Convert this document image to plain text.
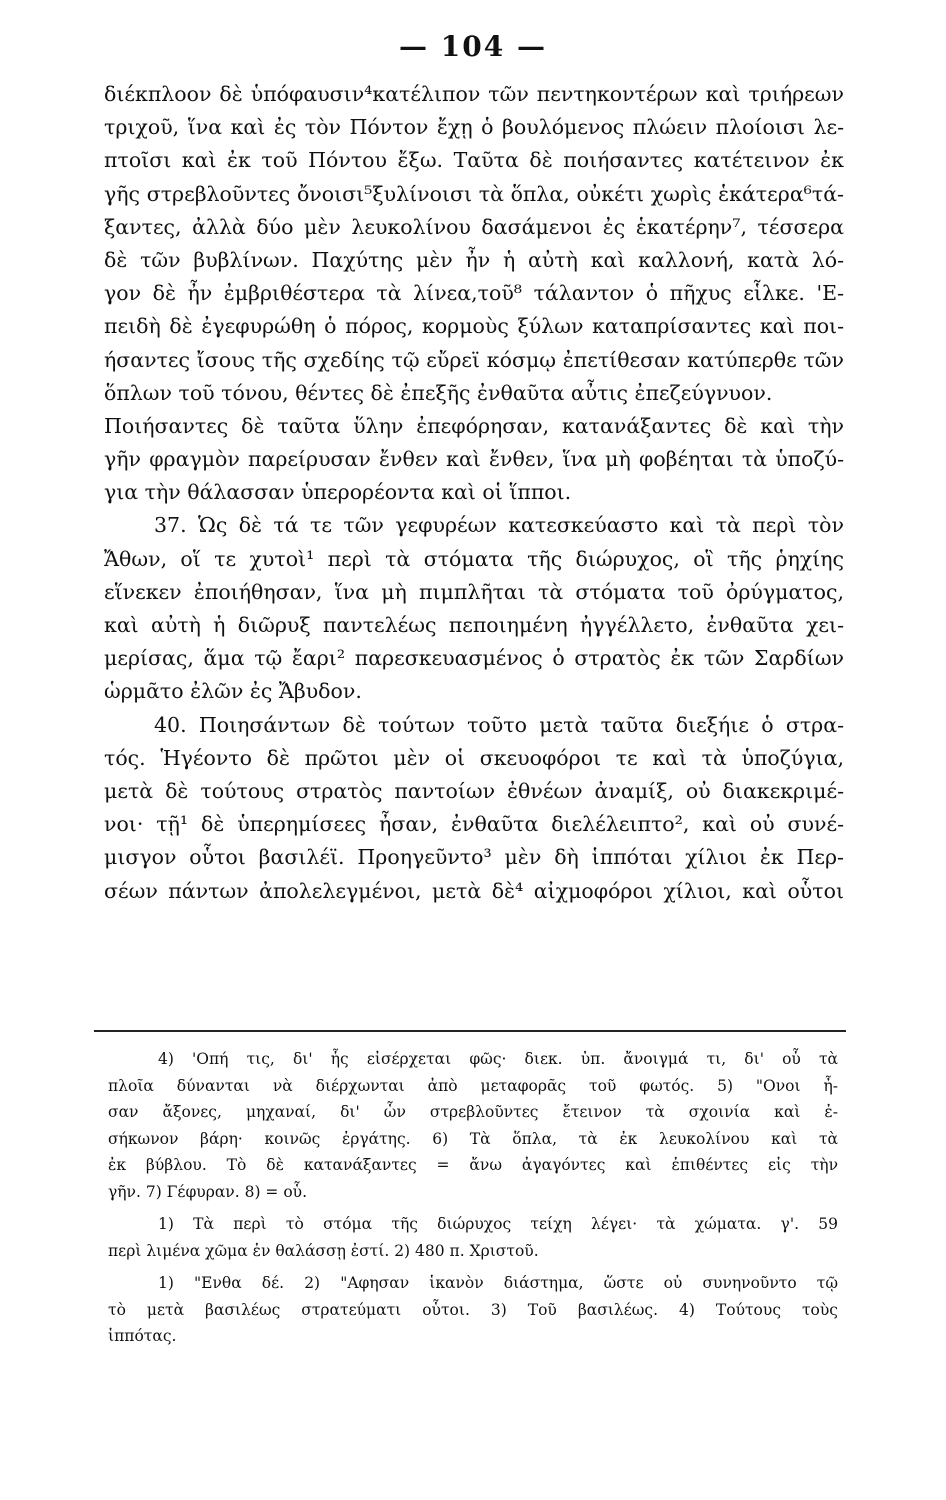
— 104 —
διέκπλοον δὲ ὑπόφαυσιν⁴κατέλιπον τῶν πεντηκοντέρων καὶ τριήρεων
τριχοῦ, ἵνα καὶ ἐς τὸν Πόντον ἔχῃ ὁ βουλόμενος πλώειν πλοίοισι λε-
πτοῖσι καὶ ἐκ τοῦ Πόντου ἔξω. Ταῦτα δὲ ποιήσαντες κατέτεινον ἐκ
γῆς στρεβλοῦντες ὄνοισι⁵ξυλίνοισι τὰ ὅπλα, οὐκέτι χωρὶς ἑκάτερα⁶τά-
ξαντες, ἀλλὰ δύο μὲν λευκολίνου δασάμενοι ἐς ἑκατέρην⁷, τέσσερα
δὲ τῶν βυβλίνων. Παχύτης μὲν ἦν ἡ αὐτὴ καὶ καλλονή, κατὰ λό-
γον δὲ ἦν ἐμβριθέστερα τὰ λίνεα,τοῦ⁸ τάλαντον ὁ πῆχυς εἷλκε. 'Ε-
πειδὴ δὲ ἐγεφυρώθη ὁ πόρος, κορμοὺς ξύλων καταπρίσαντες καὶ ποι-
ήσαντες ἴσους τῆς σχεδίης τῷ εὔρεϊ κόσμῳ ἐπετίθεσαν κατύπερθε τῶν
ὅπλων τοῦ τόνου, θέντες δὲ ἐπεξῆς ἐνθαῦτα αὖτις ἐπεζεύγνυον.
Ποιήσαντες δὲ ταῦτα ὕλην ἐπεφόρησαν, κατανάξαντες δὲ καὶ τὴν
γῆν φραγμὸν παρείρυσαν ἔνθεν καὶ ἔνθεν, ἵνα μὴ φοβέηται τὰ ὑποζύ-
για τὴν θάλασσαν ὑπερορέοντα καὶ οἱ ἵπποι.
37. Ὡς δὲ τά τε τῶν γεφυρέων κατεσκεύαστο καὶ τὰ περὶ τὸν
Ἄθων, οἵ τε χυτοὶ¹ περὶ τὰ στόματα τῆς διώρυχος, οἳ τῆς ῥηχίης
εἵνεκεν ἐποιήθησαν, ἵνα μὴ πιμπλῆται τὰ στόματα τοῦ ὀρύγματος,
καὶ αὐτὴ ἡ διῶρυξ παντελέως πεποιημένη ἠγγέλλετο, ἐνθαῦτα χει-
μερίσας, ἅμα τῷ ἔαρι² παρεσκευασμένος ὁ στρατὸς ἐκ τῶν Σαρδίων
ὡρμᾶτο ἐλῶν ἐς Ἄβυδον.
40. Ποιησάντων δὲ τούτων τοῦτο μετὰ ταῦτα διεξήιε ὁ στρα-
τός. Ἡγέοντο δὲ πρῶτοι μὲν οἱ σκευοφόροι τε καὶ τὰ ὑποζύγια,
μετὰ δὲ τούτους στρατὸς παντοίων ἐθνέων ἀναμίξ, οὐ διακεκριμέ-
νοι· τῇ¹ δὲ ὑπερημίσεες ἦσαν, ἐνθαῦτα διελέλειπτο², καὶ οὐ συνέ-
μισγον οὗτοι βασιλέϊ. Προηγεῦντο³ μὲν δὴ ἱππόται χίλιοι ἐκ Περ-
σέων πάντων ἀπολελεγμένοι, μετὰ δὲ⁴ αἰχμοφόροι χίλιοι, καὶ οὗτοι
4) 'Οπή τις, δι' ἧς εἰσέρχεται φῶς· διεκ. ὑπ. ἄνοιγμά τι, δι' οὗ τὰ
πλοῖα δύνανται νὰ διέρχωνται ἀπὸ μεταφορᾶς τοῦ φωτός. 5) "Ονοι ἦ-
σαν ἄξονες, μηχαναί, δι' ὧν στρεβλοῦντες ἔτεινον τὰ σχοινία καὶ ἐ-
σήκωνον βάρη· κοινῶς ἐργάτης. 6) Τὰ ὅπλα, τὰ ἐκ λευκολίνου καὶ τὰ
ἐκ βύβλου. Τὸ δὲ κατανάξαντες = ἄνω ἀγαγόντες καὶ ἐπιθέντες εἰς τὴν
γῆν. 7) Γέφυραν. 8) = οὗ.
1) Τὰ περὶ τὸ στόμα τῆς διώρυχος τείχη λέγει· τὰ χώματα. γ'. 59
περὶ λιμένα χῶμα ἐν θαλάσσῃ ἐστί. 2) 480 π. Χριστοῦ.
1) "Ενθα δέ. 2) "Αφησαν ἱκανὸν διάστημα, ὥστε οὐ συνηνοῦντο τῷ
τὸ μετὰ βασιλέως στρατεύματι οὗτοι. 3) Τοῦ βασιλέως. 4) Τούτους τοὺς
ἱππότας.
